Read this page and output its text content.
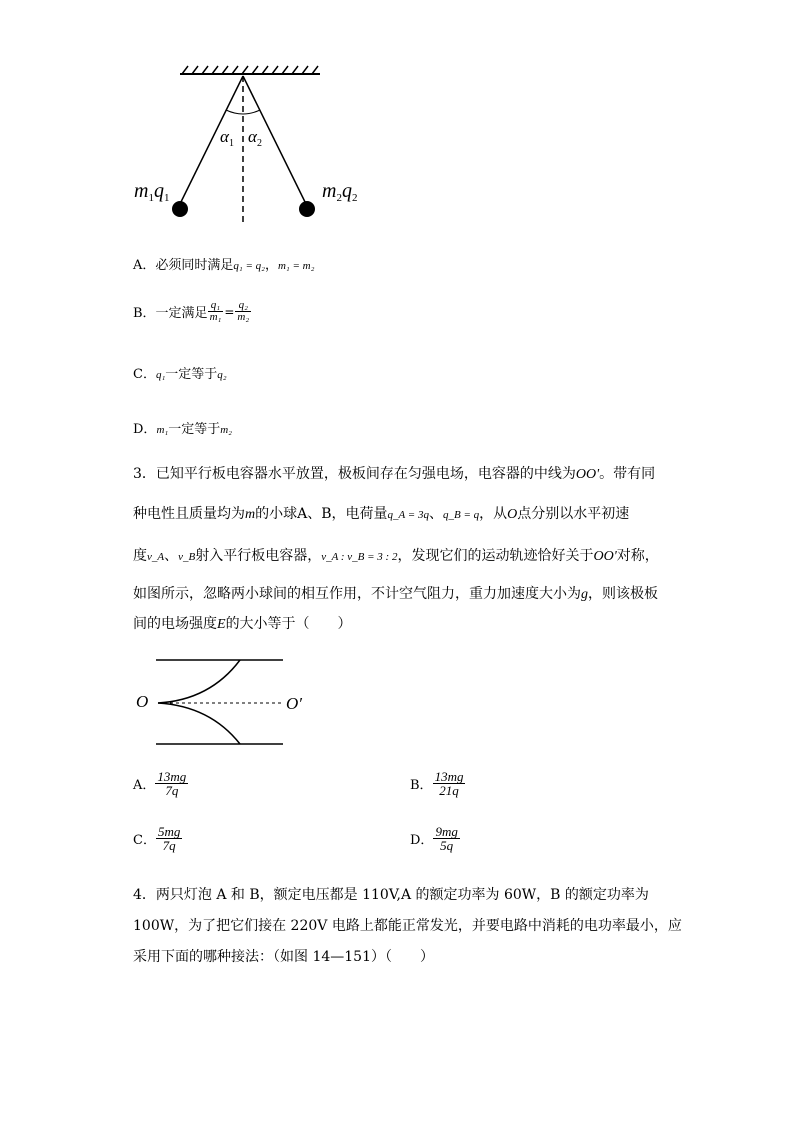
$\alpha_1$ $\alpha_2$
$m_1q_1$	$m_2q_2$
A．必须同时满足q₁ = q₂，m₁ = m₂
B．一定满足 $\frac{\text{q₁}}{\text{m₁}} = \frac{\text{q₂}}{\text{m₂}}$
C．q₁一定等于q₂
D．m₁一定等于m₂
3．已知平行板电容器水平放置，极板间存在匀强电场，电容器的中线为OO'。带有同
种电性且质量均为m的小球A、B，电荷量q_A = 3q、q_B = q，从O点分别以水平初速
度v_A、v_B射入平行板电容器，v_A : v_B = 3 : 2，发现它们的运动轨迹恰好关于OO'对称，
如图所示，忽略两小球间的相互作用，不计空气阻力，重力加速度大小为g，则该极板
间的电场强度E的大小等于（　　）
O	O′
A． $\frac{13mg}{7q}$	B． $\frac{13mg}{21q}$
C． $\frac{5mg}{7q}$	D． $\frac{9mg}{5q}$
4．两只灯泡 A 和 B，额定电压都是 110V,A 的额定功率为 60W，B 的额定功率为
100W，为了把它们接在 220V 电路上都能正常发光，并要电路中消耗的电功率最小，应
采用下面的哪种接法：（如图 14—151）（　　）
